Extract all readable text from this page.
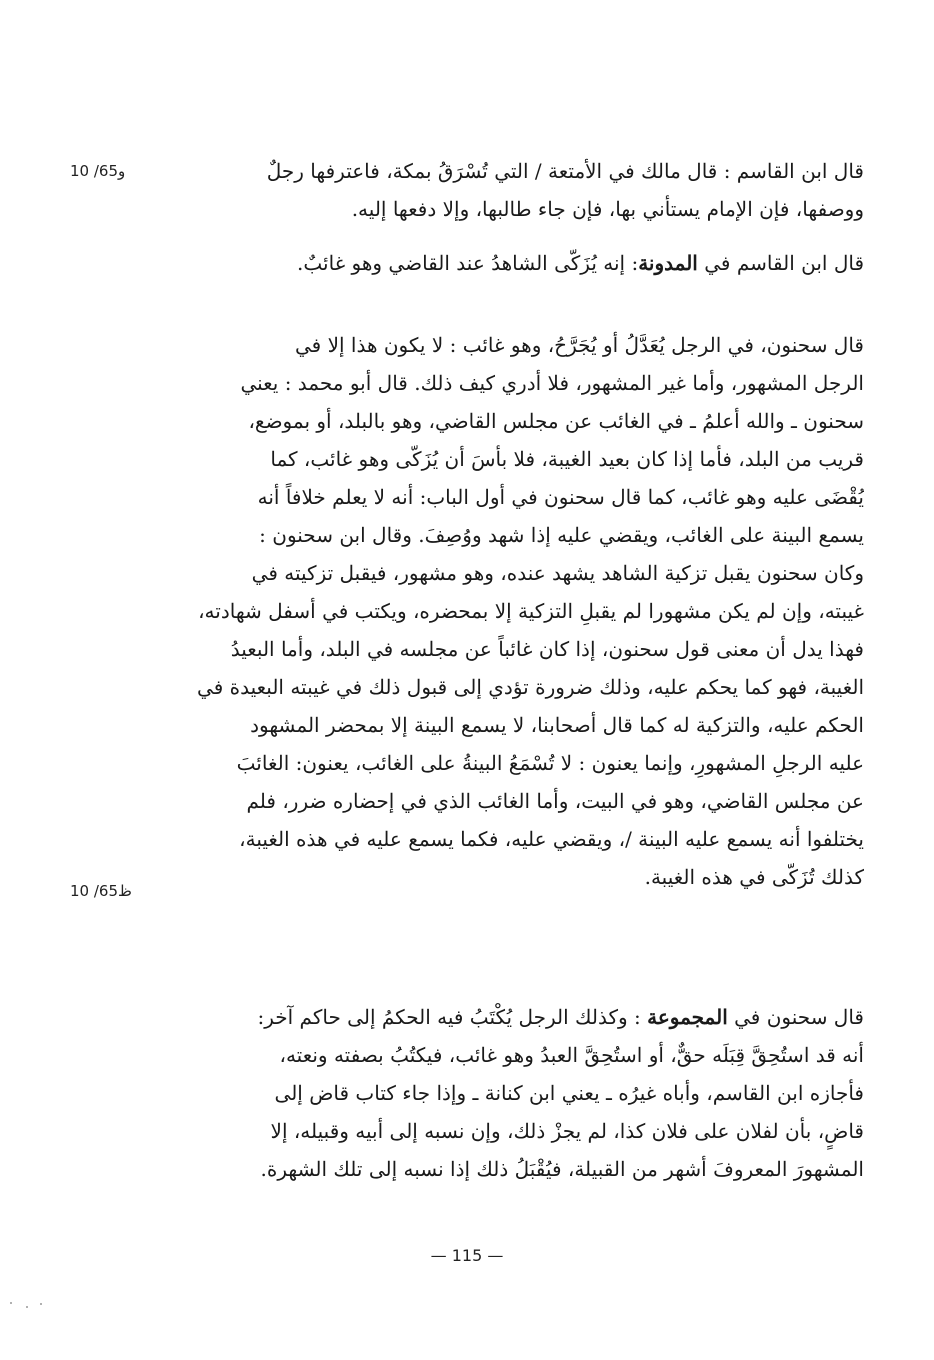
قال ابن القاسم : قال مالك في الأمتعة / التي تُسْرَقُ بمكة، فاعترفها رجلٌ
ووصفها، فإن الإمام يستأني بها، فإن جاء طالبها، وإلا دفعها إليه.
10 /65و
قال ابن القاسم في المدونة: إنه يُزَكّى الشاهدُ عند القاضي وهو غائبٌ.
قال سحنون، في الرجل يُعَدَّلُ أو يُجَرَّحُ، وهو غائب : لا يكون هذا إلا في
الرجل المشهور، وأما غير المشهور، فلا أدري كيف ذلك. قال أبو محمد : يعني
سحنون ـ والله أعلمُ ـ في الغائب عن مجلس القاضي، وهو بالبلد، أو بموضع،
قريب من البلد، فأما إذا كان بعيد الغيبة، فلا بأسَ أن يُزَكّى وهو غائب، كما
يُقْضَى عليه وهو غائب، كما قال سحنون في أول الباب: أنه لا يعلم خلافاً أنه
يسمع البينة على الغائب، ويقضي عليه إذا شهد ووُصِفَ. وقال ابن سحنون :
وكان سحنون يقبل تزكية الشاهد يشهد عنده، وهو مشهور، فيقبل تزكيته في
غيبته، وإن لم يكن مشهورا لم يقبلِ التزكية إلا بمحضره، ويكتب في أسفل شهادته،
فهذا يدل أن معنى قول سحنون، إذا كان غائباً عن مجلسه في البلد، وأما البعيدُ
الغيبة، فهو كما يحكم عليه، وذلك ضرورة تؤدي إلى قبول ذلك في غيبته البعيدة في
الحكم عليه، والتزكية له كما قال أصحابنا، لا يسمع البينة إلا بمحضر المشهود
عليه الرجلِ المشهورِ، وإنما يعنون : لا تُسْمَعُ البينةُ على الغائب، يعنون: الغائبَ
عن مجلس القاضي، وهو في البيت، وأما الغائب الذي في إحضاره ضرر، فلم
يختلفوا أنه يسمع عليه البينة /، ويقضي عليه، فكما يسمع عليه في هذه الغيبة،
كذلك تُزَكّى في هذه الغيبة.
10 /65ظ
قال سحنون في المجموعة : وكذلك الرجل يُكْتَبُ فيه الحكمُ إلى حاكم آخر:
أنه قد استُحِقَّ قِبَلَه حقٌّ، أو استُحِقَّ العبدُ وهو غائب، فيكتُبُ بصفته ونعته،
فأجازه ابن القاسم، وأباه غيرُه ـ يعني ابن كنانة ـ وإذا جاء كتاب قاض إلى
قاضٍ، بأن لفلان على فلان كذا، لم يجزْ ذلك، وإن نسبه إلى أبيه وقبيله، إلا
المشهورَ المعروفَ أشهر من القبيلة، فيُقْبَلُ ذلك إذا نسبه إلى تلك الشهرة.
— 115 —
